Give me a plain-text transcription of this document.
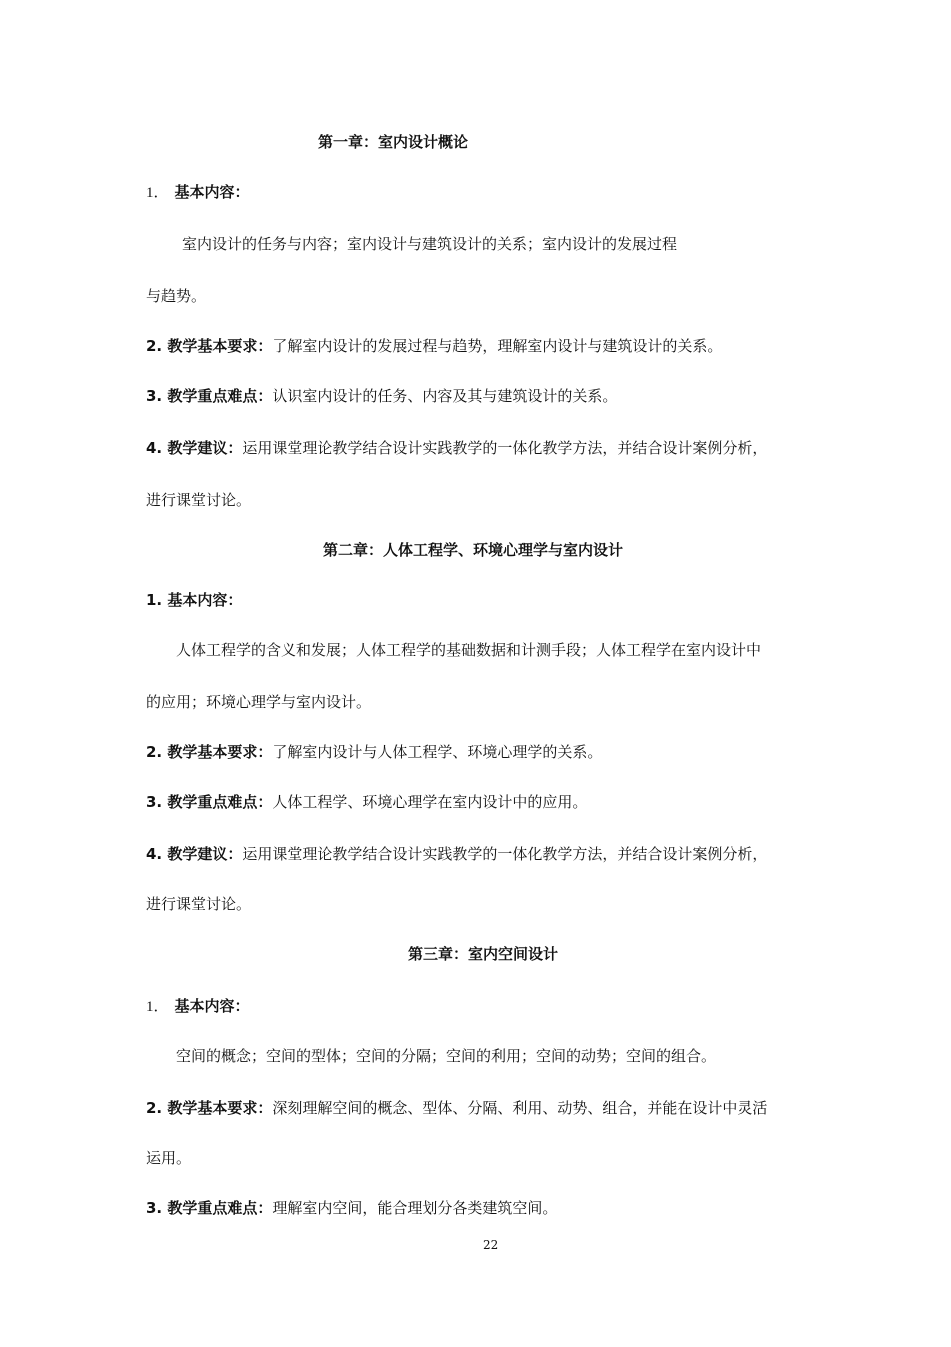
第一章：室内设计概论
1． 基本内容：
室内设计的任务与内容；室内设计与建筑设计的关系；室内设计的发展过程
与趋势。
2. 教学基本要求：了解室内设计的发展过程与趋势，理解室内设计与建筑设计的关系。
3. 教学重点难点：认识室内设计的任务、内容及其与建筑设计的关系。
4. 教学建议：运用课堂理论教学结合设计实践教学的一体化教学方法，并结合设计案例分析，
进行课堂讨论。
第二章：人体工程学、环境心理学与室内设计
1. 基本内容：
人体工程学的含义和发展；人体工程学的基础数据和计测手段；人体工程学在室内设计中
的应用；环境心理学与室内设计。
2. 教学基本要求：了解室内设计与人体工程学、环境心理学的关系。
3. 教学重点难点：人体工程学、环境心理学在室内设计中的应用。
4. 教学建议：运用课堂理论教学结合设计实践教学的一体化教学方法，并结合设计案例分析，
进行课堂讨论。
第三章：室内空间设计
1． 基本内容：
空间的概念；空间的型体；空间的分隔；空间的利用；空间的动势；空间的组合。
2. 教学基本要求：深刻理解空间的概念、型体、分隔、利用、动势、组合，并能在设计中灵活
运用。
3. 教学重点难点：理解室内空间，能合理划分各类建筑空间。
22
